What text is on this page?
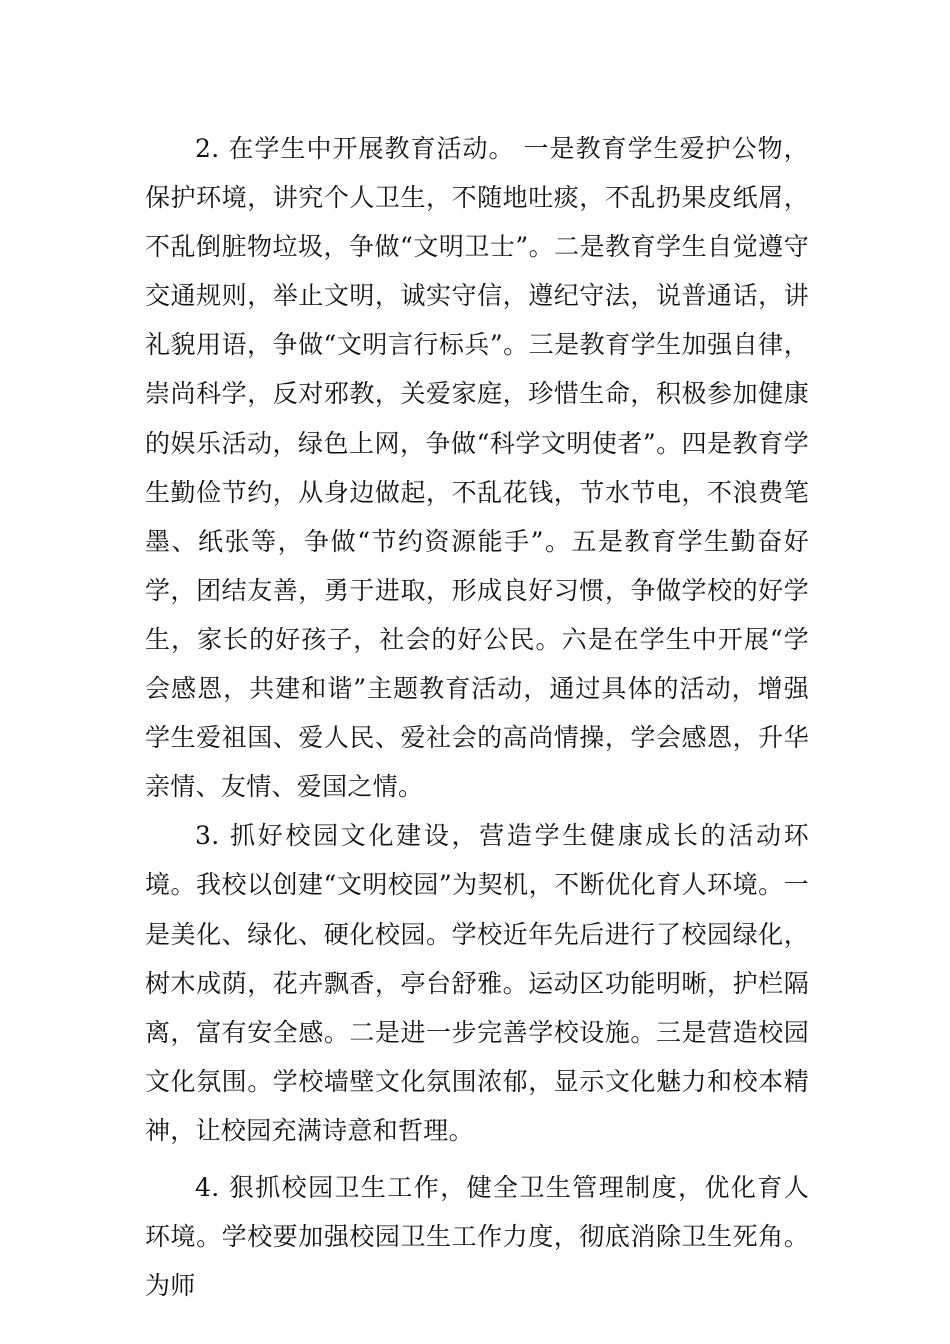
2. 在学生中开展教育活动。 一是教育学生爱护公物，保护环境，讲究个人卫生，不随地吐痰，不乱扔果皮纸屑，不乱倒脏物垃圾，争做“文明卫士”。二是教育学生自觉遵守交通规则，举止文明，诚实守信，遵纪守法，说普通话，讲礼貌用语，争做“文明言行标兵”。三是教育学生加强自律，崇尚科学，反对邪教，关爱家庭，珍惜生命，积极参加健康的娱乐活动，绿色上网，争做“科学文明使者”。四是教育学生勤俭节约，从身边做起，不乱花钱，节水节电，不浪费笔墨、纸张等，争做“节约资源能手”。五是教育学生勤奋好学，团结友善，勇于进取，形成良好习惯，争做学校的好学生，家长的好孩子，社会的好公民。六是在学生中开展“学会感恩，共建和谐”主题教育活动，通过具体的活动，增强学生爱祖国、爱人民、爱社会的高尚情操，学会感恩，升华亲情、友情、爱国之情。

3. 抓好校园文化建设，营造学生健康成长的活动环境。我校以创建“文明校园”为契机，不断优化育人环境。一是美化、绿化、硬化校园。学校近年先后进行了校园绿化，树木成荫，花卉飘香，亭台舒雅。运动区功能明晰，护栏隔离，富有安全感。二是进一步完善学校设施。三是营造校园文化氛围。学校墙壁文化氛围浓郁，显示文化魅力和校本精神，让校园充满诗意和哲理。

4. 狠抓校园卫生工作，健全卫生管理制度，优化育人环境。学校要加强校园卫生工作力度，彻底消除卫生死角。为师
